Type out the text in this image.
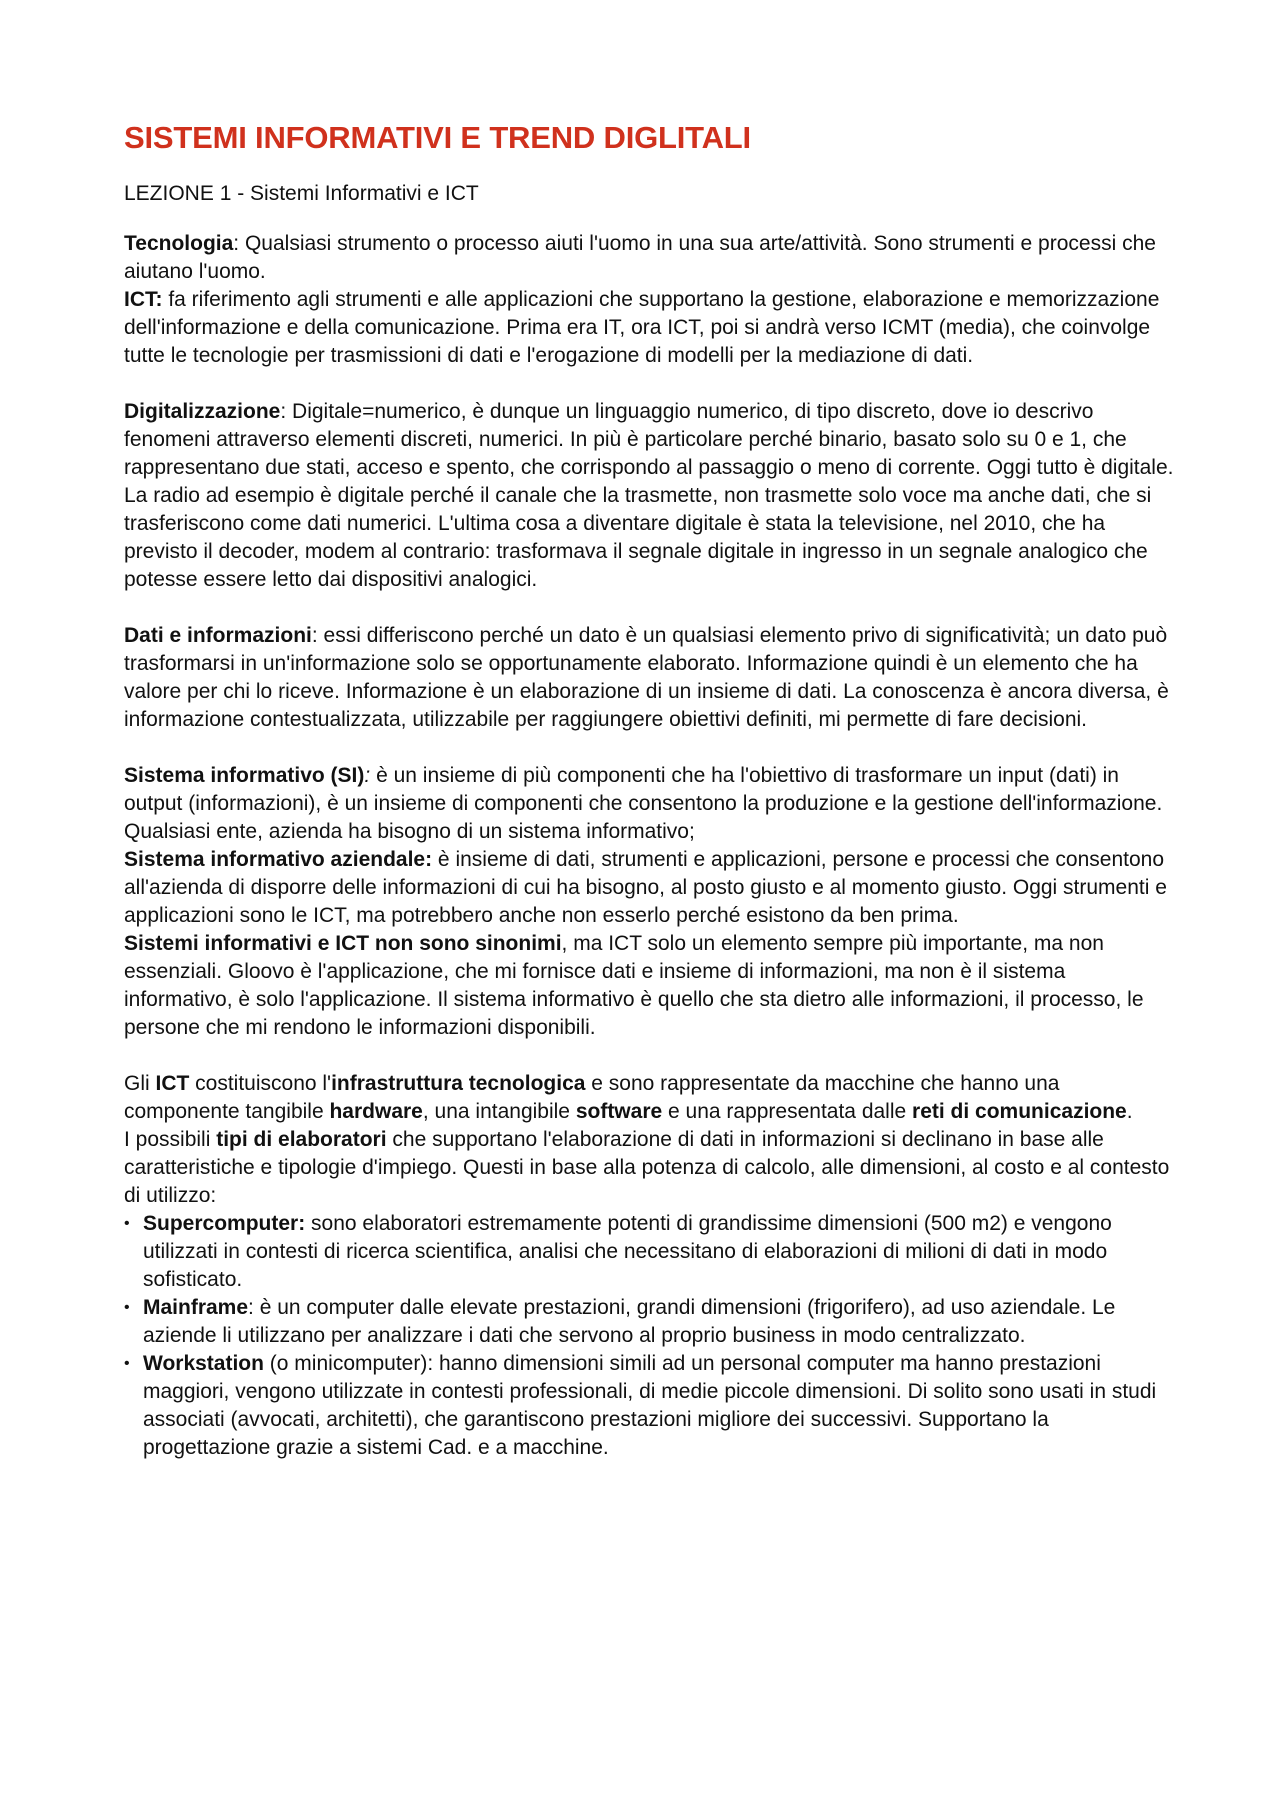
SISTEMI INFORMATIVI E TREND DIGLITALI
LEZIONE 1 - Sistemi Informativi e ICT

Tecnologia: Qualsiasi strumento o processo aiuti l'uomo in una sua arte/attività. Sono strumenti e processi che aiutano l'uomo.

ICT: fa riferimento agli strumenti e alle applicazioni che supportano la gestione, elaborazione e memorizzazione dell'informazione e della comunicazione. Prima era IT, ora ICT, poi si andrà verso ICMT (media), che coinvolge tutte le tecnologie per trasmissioni di dati e l'erogazione di modelli per la mediazione di dati.

Digitalizzazione: Digitale=numerico, è dunque un linguaggio numerico, di tipo discreto, dove io descrivo fenomeni attraverso elementi discreti, numerici. In più è particolare perché binario, basato solo su 0 e 1, che rappresentano due stati, acceso e spento, che corrispondo al passaggio o meno di corrente. Oggi tutto è digitale. La radio ad esempio è digitale perché il canale che la trasmette, non trasmette solo voce ma anche dati, che si trasferiscono come dati numerici. L'ultima cosa a diventare digitale è stata la televisione, nel 2010, che ha previsto il decoder, modem al contrario: trasformava il segnale digitale in ingresso in un segnale analogico che potesse essere letto dai dispositivi analogici.

Dati e informazioni: essi differiscono perché un dato è un qualsiasi elemento privo di significatività; un dato può trasformarsi in un'informazione solo se opportunamente elaborato. Informazione quindi è un elemento che ha valore per chi lo riceve. Informazione è un elaborazione di un insieme di dati. La conoscenza è ancora diversa, è informazione contestualizzata, utilizzabile per raggiungere obiettivi definiti, mi permette di fare decisioni.

Sistema informativo (SI): è un insieme di più componenti che ha l'obiettivo di trasformare un input (dati) in output (informazioni), è un insieme di componenti che consentono la produzione e la gestione dell'informazione. Qualsiasi ente, azienda ha bisogno di un sistema informativo;

Sistema informativo aziendale: è insieme di dati, strumenti e applicazioni, persone e processi che consentono all'azienda di disporre delle informazioni di cui ha bisogno, al posto giusto e al momento giusto. Oggi strumenti e applicazioni sono le ICT, ma potrebbero anche non esserlo perché esistono da ben prima.

Sistemi informativi e ICT non sono sinonimi, ma ICT solo un elemento sempre più importante, ma non essenziali. Gloovo è l'applicazione, che mi fornisce dati e insieme di informazioni, ma non è il sistema informativo, è solo l'applicazione. Il sistema informativo è quello che sta dietro alle informazioni, il processo, le persone che mi rendono le informazioni disponibili.

Gli ICT costituiscono l'infrastruttura tecnologica e sono rappresentate da macchine che hanno una componente tangibile hardware, una intangibile software e una rappresentata dalle reti di comunicazione.

I possibili tipi di elaboratori che supportano l'elaborazione di dati in informazioni si declinano in base alle caratteristiche e tipologie d'impiego. Questi in base alla potenza di calcolo, alle dimensioni, al costo e al contesto di utilizzo:

• Supercomputer: sono elaboratori estremamente potenti di grandissime dimensioni (500 m2) e vengono utilizzati in contesti di ricerca scientifica, analisi che necessitano di elaborazioni di milioni di dati in modo sofisticato.
• Mainframe: è un computer dalle elevate prestazioni, grandi dimensioni (frigorifero), ad uso aziendale. Le aziende li utilizzano per analizzare i dati che servono al proprio business in modo centralizzato.
• Workstation (o minicomputer): hanno dimensioni simili ad un personal computer ma hanno prestazioni maggiori, vengono utilizzate in contesti professionali, di medie piccole dimensioni. Di solito sono usati in studi associati (avvocati, architetti), che garantiscono prestazioni migliore dei successivi. Supportano la progettazione grazie a sistemi Cad. e a macchine.
